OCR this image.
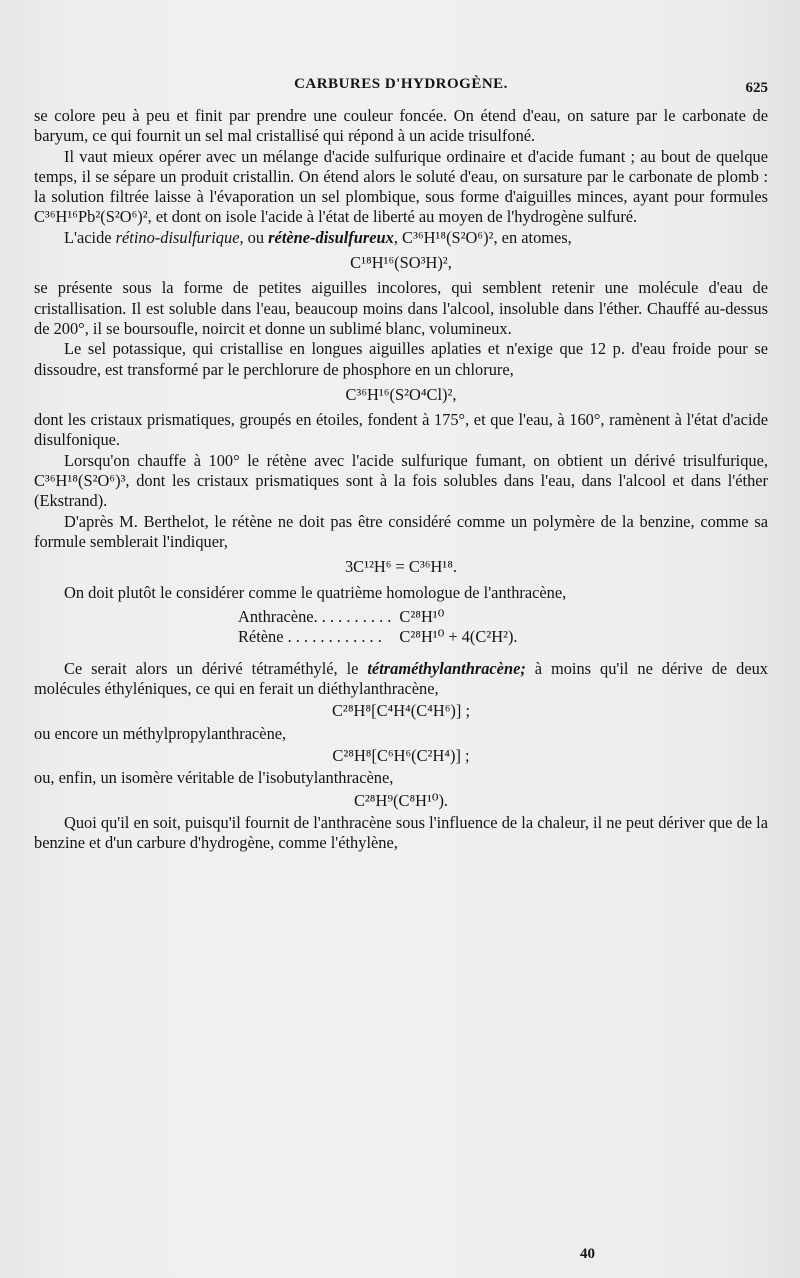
CARBURES D'HYDROGÈNE.	625

se colore peu à peu et finit par prendre une couleur foncée. On étend d'eau, on sature par le carbonate de baryum, ce qui fournit un sel mal cristallisé qui répond à un acide trisulfoné.

Il vaut mieux opérer avec un mélange d'acide sulfurique ordinaire et d'acide fumant ; au bout de quelque temps, il se sépare un produit cristallin. On étend alors le soluté d'eau, on sursature par le carbonate de plomb : la solution filtrée laisse à l'évaporation un sel plombique, sous forme d'aiguilles minces, ayant pour formules C³⁶H¹⁶Pb²(S²O⁶)², et dont on isole l'acide à l'état de liberté au moyen de l'hydrogène sulfuré.

L'acide rétino-disulfurique, ou rétène-disulfureux, C³⁶H¹⁸(S²O⁶)², en atomes,

C¹⁸H¹⁶(SO³H)²,

se présente sous la forme de petites aiguilles incolores, qui semblent retenir une molécule d'eau de cristallisation. Il est soluble dans l'eau, beaucoup moins dans l'alcool, insoluble dans l'éther. Chauffé au-dessus de 200°, il se boursoufle, noircit et donne un sublimé blanc, volumineux.

Le sel potassique, qui cristallise en longues aiguilles aplaties et n'exige que 12 p. d'eau froide pour se dissoudre, est transformé par le perchlorure de phosphore en un chlorure,

C³⁶H¹⁶(S²O⁴Cl)²,

dont les cristaux prismatiques, groupés en étoiles, fondent à 175°, et que l'eau, à 160°, ramènent à l'état d'acide disulfonique.

Lorsqu'on chauffe à 100° le rétène avec l'acide sulfurique fumant, on obtient un dérivé trisulfurique, C³⁶H¹⁸(S²O⁶)³, dont les cristaux prismatiques sont à la fois solubles dans l'eau, dans l'alcool et dans l'éther (Ekstrand).

D'après M. Berthelot, le rétène ne doit pas être considéré comme un polymère de la benzine, comme sa formule semblerait l'indiquer,

3C¹²H⁶ = C³⁶H¹⁸.

On doit plutôt le considérer comme le quatrième homologue de l'anthracène,

Anthracène. . . . . . . . . .	C²⁸H¹⁰
Rétène . . . . . . . . . . . .	C²⁸H¹⁰ + 4(C²H²).

Ce serait alors un dérivé tétraméthylé, le tétraméthylanthracène; à moins qu'il ne dérive de deux molécules éthyléniques, ce qui en ferait un diéthylanthracène,

C²⁸H⁸[C⁴H⁴(C⁴H⁶)] ;

ou encore un méthylpropylanthracène,

C²⁸H⁸[C⁶H⁶(C²H⁴)] ;

ou, enfin, un isomère véritable de l'isobutylanthracène,

C²⁸H⁹(C⁸H¹⁰).

Quoi qu'il en soit, puisqu'il fournit de l'anthracène sous l'influence de la chaleur, il ne peut dériver que de la benzine et d'un carbure d'hydrogène, comme l'éthylène,

40
